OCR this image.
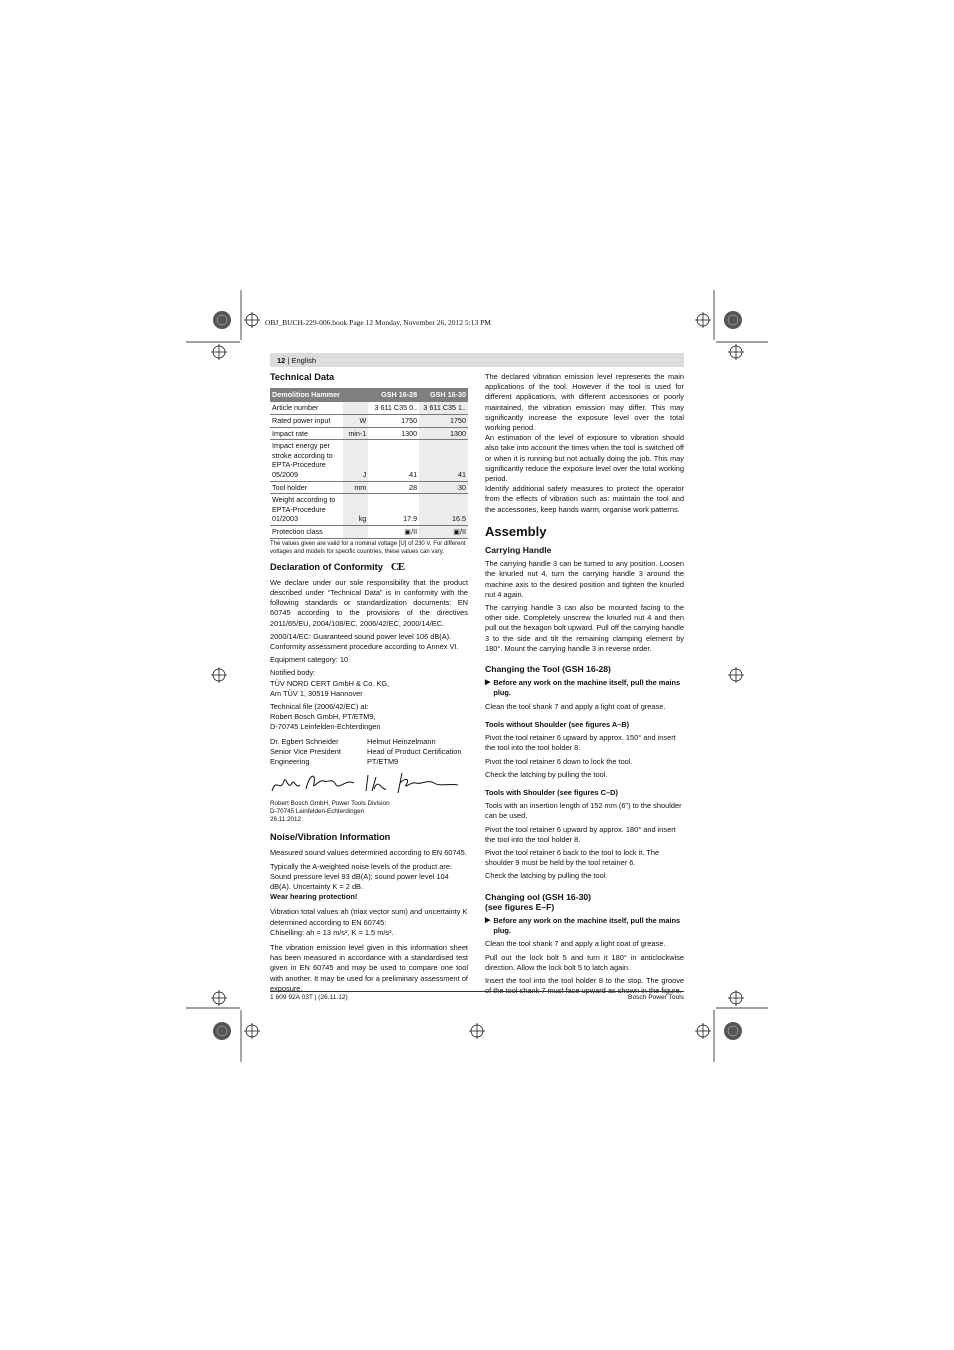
OBJ_BUCH-229-006.book Page 12 Monday, November 26, 2012 5:13 PM
12 | English
Technical Data
Demolition Hammer		GSH 16-28	GSH 16-30
Article number		3 611 C35 0..	3 611 C35 1..
Rated power input	W	1750	1750
Impact rate	min-1	1300	1300
Impact energy per stroke according to EPTA-Procedure 05/2009	J	41	41
Tool holder	mm	28	30
Weight according to EPTA-Procedure 01/2003	kg	17.9	16.5
Protection class		▣/II	▣/II
The values given are valid for a nominal voltage [U] of 230 V. For different voltages and models for specific countries, these values can vary.
Declaration of Conformity CE

We declare under our sole responsibility that the product described under “Technical Data” is in conformity with the following standards or standardization documents: EN 60745 according to the provisions of the directives 2011/65/EU, 2004/108/EC, 2006/42/EC, 2000/14/EC.

2000/14/EC: Guaranteed sound power level 106 dB(A). Conformity assessment procedure according to Annex VI.

Equipment category: 10

Notified body:
TÜV NORD CERT GmbH & Co. KG,
Am TÜV 1, 30519 Hannover
Technical file (2006/42/EC) at:
Robert Bosch GmbH, PT/ETM9,
D-70745 Leinfelden-Echterdingen
Dr. Egbert Schneider
Senior Vice President
Engineering
Helmut Heinzelmann
Head of Product Certification
PT/ETM9
Robert Bosch GmbH, Power Tools Division
D-70745 Leinfelden-Echterdingen
26.11.2012
Noise/Vibration Information

Measured sound values determined according to EN 60745.

Typically the A-weighted noise levels of the product are: Sound pressure level 93 dB(A); sound power level 104 dB(A). Uncertainty K = 2 dB.

Wear hearing protection!

Vibration total values ah (triax vector sum) and uncertainty K determined according to EN 60745:

Chiselling: ah = 13 m/s², K = 1.5 m/s².

The vibration emission level given in this information sheet has been measured in accordance with a standardised test given in EN 60745 and may be used to compare one tool with another. It may be used for a preliminary assessment of exposure.

The declared vibration emission level represents the main applications of the tool. However if the tool is used for different applications, with different accessories or poorly maintained, the vibration emission may differ. This may significantly increase the exposure level over the total working period.

An estimation of the level of exposure to vibration should also take into account the times when the tool is switched off or when it is running but not actually doing the job. This may significantly reduce the exposure level over the total working period.

Identify additional safety measures to protect the operator from the effects of vibration such as: maintain the tool and the accessories, keep hands warm, organise work patterns.

Assembly
Carrying Handle

The carrying handle 3 can be turned to any position. Loosen the knurled nut 4, turn the carrying handle 3 around the machine axis to the desired position and tighten the knurled nut 4 again.

The carrying handle 3 can also be mounted facing to the other side. Completely unscrew the knurled nut 4 and then pull out the hexagon bolt upward. Pull off the carrying handle 3 to the side and tilt the remaining clamping element by 180°. Mount the carrying handle 3 in reverse order.

Changing the Tool (GSH 16-28)
▶ Before any work on the machine itself, pull the mains plug.

Clean the tool shank 7 and apply a light coat of grease.

Tools without Shoulder (see figures A–B)

Pivot the tool retainer 6 upward by approx. 150° and insert the tool into the tool holder 8.

Pivot the tool retainer 6 down to lock the tool.

Check the latching by pulling the tool.

Tools with Shoulder (see figures C–D)

Tools with an insertion length of 152 mm (6") to the shoulder can be used.

Pivot the tool retainer 6 upward by approx. 180° and insert the tool into the tool holder 8.

Pivot the tool retainer 6 back to the tool to lock it. The shoulder 9 must be held by the tool retainer 6.

Check the latching by pulling the tool.

Changing ool (GSH 16-30)
(see figures E–F)
▶ Before any work on the machine itself, pull the mains plug.

Clean the tool shank 7 and apply a light coat of grease.

Pull out the lock bolt 5 and turn it 180° in anticlockwise direction. Allow the lock bolt 5 to latch again.

Insert the tool into the tool holder 8 to the stop. The groove of the tool shank 7 must face upward as shown in the figure.

1 609 92A 03T | (26.11.12)	Bosch Power Tools
